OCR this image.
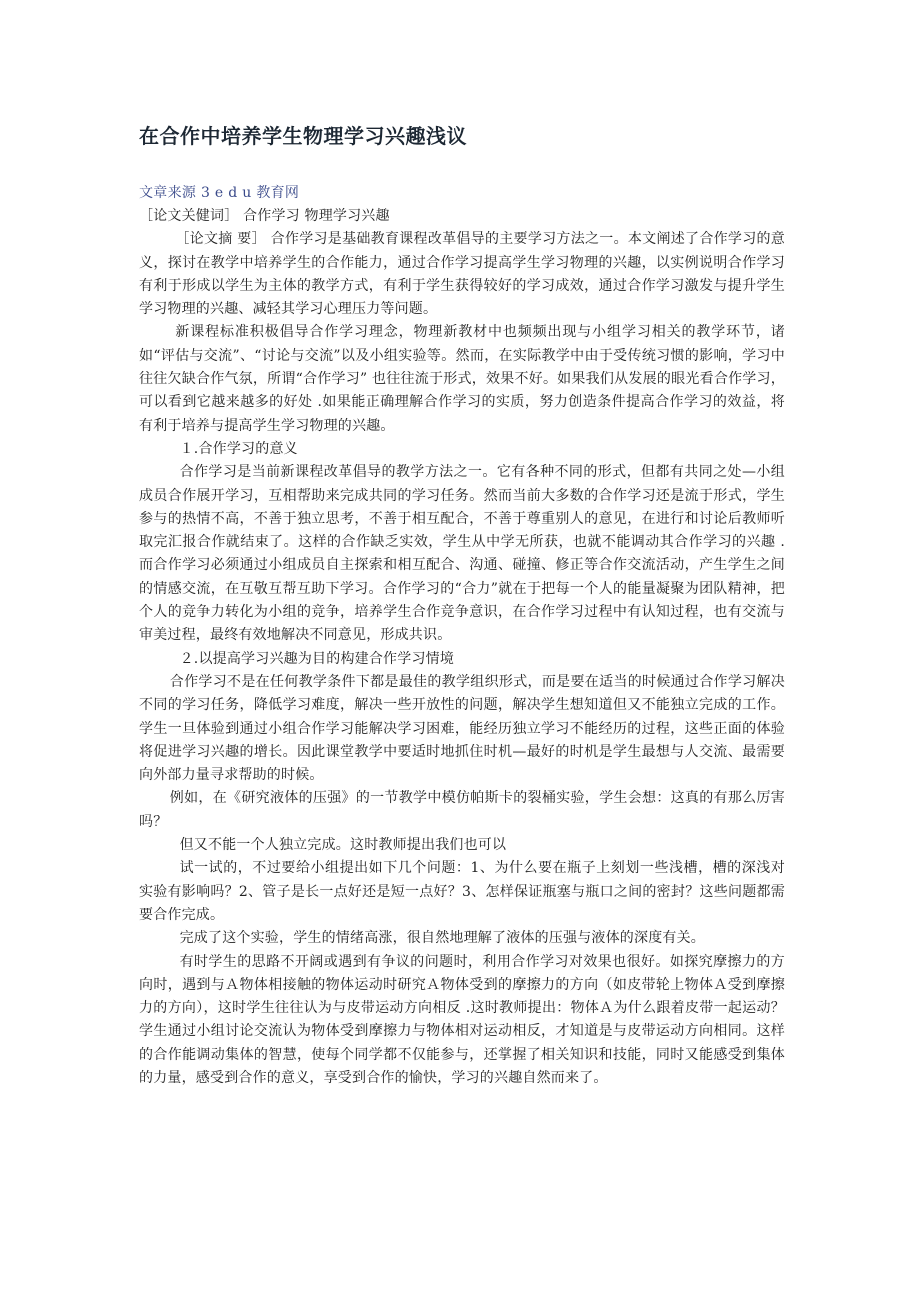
在合作中培养学生物理学习兴趣浅议
文章来源 3 e d u 教育网

［论文关健词］ 合作学习 物理学习兴趣

［论文摘 要］ 合作学习是基础教育课程改革倡导的主要学习方法之一。本文阐述了合作学习的意义，探讨在教学中培养学生的合作能力，通过合作学习提高学生学习物理的兴趣，以实例说明合作学习有利于形成以学生为主体的教学方式，有利于学生获得较好的学习成效，通过合作学习激发与提升学生学习物理的兴趣、减轻其学习心理压力等问题。

新课程标准积极倡导合作学习理念，物理新教材中也频频出现与小组学习相关的教学环节，诸如“评估与交流”、“讨论与交流”以及小组实验等。然而，在实际教学中由于受传统习惯的影响，学习中往往欠缺合作气氛，所谓“合作学习” 也往往流于形式，效果不好。如果我们从发展的眼光看合作学习，可以看到它越来越多的好处 .如果能正确理解合作学习的实质，努力创造条件提高合作学习的效益，将有利于培养与提高学生学习物理的兴趣。

１.合作学习的意义

合作学习是当前新课程改革倡导的教学方法之一。它有各种不同的形式，但都有共同之处—小组成员合作展开学习，互相帮助来完成共同的学习任务。然而当前大多数的合作学习还是流于形式，学生参与的热情不高，不善于独立思考，不善于相互配合，不善于尊重别人的意见，在进行和讨论后教师听取完汇报合作就结束了。这样的合作缺乏实效，学生从中学无所获，也就不能调动其合作学习的兴趣 .而合作学习必须通过小组成员自主探索和相互配合、沟通、碰撞、修正等合作交流活动，产生学生之间的情感交流，在互敬互帮互助下学习。合作学习的“合力”就在于把每一个人的能量凝聚为团队精神，把个人的竞争力转化为小组的竞争，培养学生合作竞争意识，在合作学习过程中有认知过程，也有交流与审美过程，最终有效地解决不同意见，形成共识。

２.以提高学习兴趣为目的构建合作学习情境

合作学习不是在任何教学条件下都是最佳的教学组织形式，而是要在适当的时候通过合作学习解决不同的学习任务，降低学习难度，解决一些开放性的问题，解决学生想知道但又不能独立完成的工作。学生一旦体验到通过小组合作学习能解决学习困难，能经历独立学习不能经历的过程，这些正面的体验将促进学习兴趣的增长。因此课堂教学中要适时地抓住时机—最好的时机是学生最想与人交流、最需要向外部力量寻求帮助的时候。

例如，在《研究液体的压强》的一节教学中模仿帕斯卡的裂桶实验，学生会想：这真的有那么厉害吗？

但又不能一个人独立完成。这时教师提出我们也可以

试一试的，不过要给小组提出如下几个问题：1、为什么要在瓶子上刻划一些浅槽，槽的深浅对实验有影响吗？2、管子是长一点好还是短一点好？3、怎样保证瓶塞与瓶口之间的密封？这些问题都需要合作完成。

完成了这个实验，学生的情绪高涨，很自然地理解了液体的压强与液体的深度有关。

有时学生的思路不开阔或遇到有争议的问题时，利用合作学习对效果也很好。如探究摩擦力的方向时，遇到与Ａ物体相接触的物体运动时研究Ａ物体受到的摩擦力的方向（如皮带轮上物体Ａ受到摩擦力的方向），这时学生往往认为与皮带运动方向相反 .这时教师提出：物体Ａ为什么跟着皮带一起运动？学生通过小组讨论交流认为物体受到摩擦力与物体相对运动相反，才知道是与皮带运动方向相同。这样的合作能调动集体的智慧，使每个同学都不仅能参与，还掌握了相关知识和技能，同时又能感受到集体的力量，感受到合作的意义，享受到合作的愉快，学习的兴趣自然而来了。
